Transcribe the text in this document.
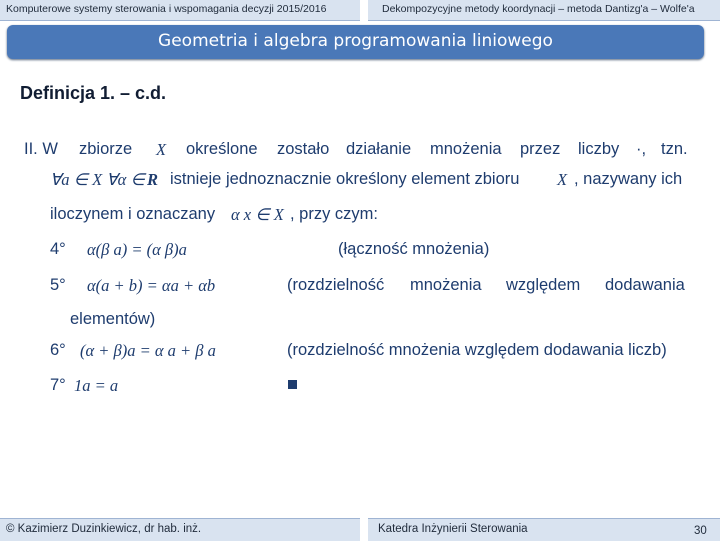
Komputerowe systemy sterowania i wspomagania decyzji 2015/2016	Dekompozycyjne metody koordynacji – metoda Dantizg'a – Wolfe'a
Geometria i algebra programowania liniowego
Definicja 1. – c.d.
II. W zbiorze X określone zostało działanie mnożenia przez liczby ·, tzn.
∀a ∈ X ∀α ∈ R istnieje jednoznacznie określony element zbioru X , nazywany ich
iloczynem i oznaczany α x ∈ X , przy czym:
4° α(β a) = (α β)a	(łączność mnożenia)
5° α(a + b) = αa + αb	(rozdzielność mnożenia względem dodawania
elementów)
6° (α + β)a = α a + β a	(rozdzielność mnożenia względem dodawania liczb)
7° 1a = a
© Kazimierz Duzinkiewicz, dr hab. inż.	Katedra Inżynierii Sterowania	30
